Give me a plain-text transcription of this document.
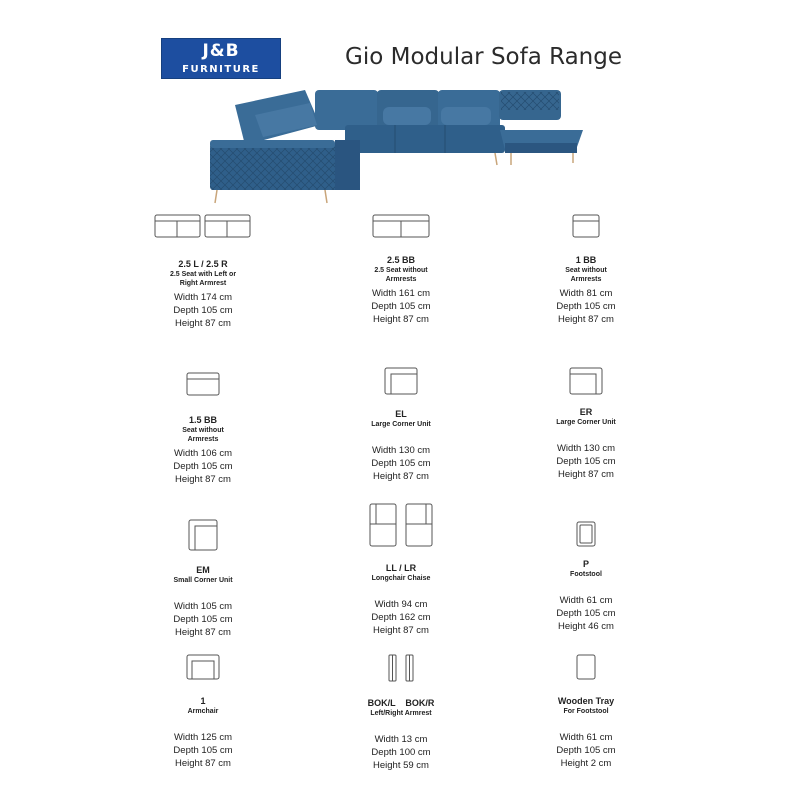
J&B
FURNITURE	Gio Modular Sofa Range
2.5 L / 2.5 R
2.5 Seat with Left or
Right Armrest
Width 174 cm
Depth 105 cm
Height 87 cm
2.5 BB
2.5 Seat without
Armrests
Width 161 cm
Depth 105 cm
Height 87 cm
1 BB
Seat without
Armrests
Width 81 cm
Depth 105 cm
Height 87 cm
1.5 BB
Seat without
Armrests
Width 106 cm
Depth 105 cm
Height 87 cm
EL
Large Corner Unit
Width 130 cm
Depth 105 cm
Height 87 cm
ER
Large Corner Unit
Width 130 cm
Depth 105 cm
Height 87 cm
EM
Small Corner Unit
Width 105 cm
Depth 105 cm
Height 87 cm
LL / LR
Longchair Chaise
Width 94 cm
Depth 162 cm
Height 87 cm
P
Footstool
Width 61 cm
Depth 105 cm
Height 46 cm
1
Armchair
Width 125 cm
Depth 105 cm
Height 87 cm
BOK/L    BOK/R
Left/Right Armrest
Width 13 cm
Depth 100 cm
Height 59 cm
Wooden Tray
For Footstool
Width 61 cm
Depth 105 cm
Height 2 cm
